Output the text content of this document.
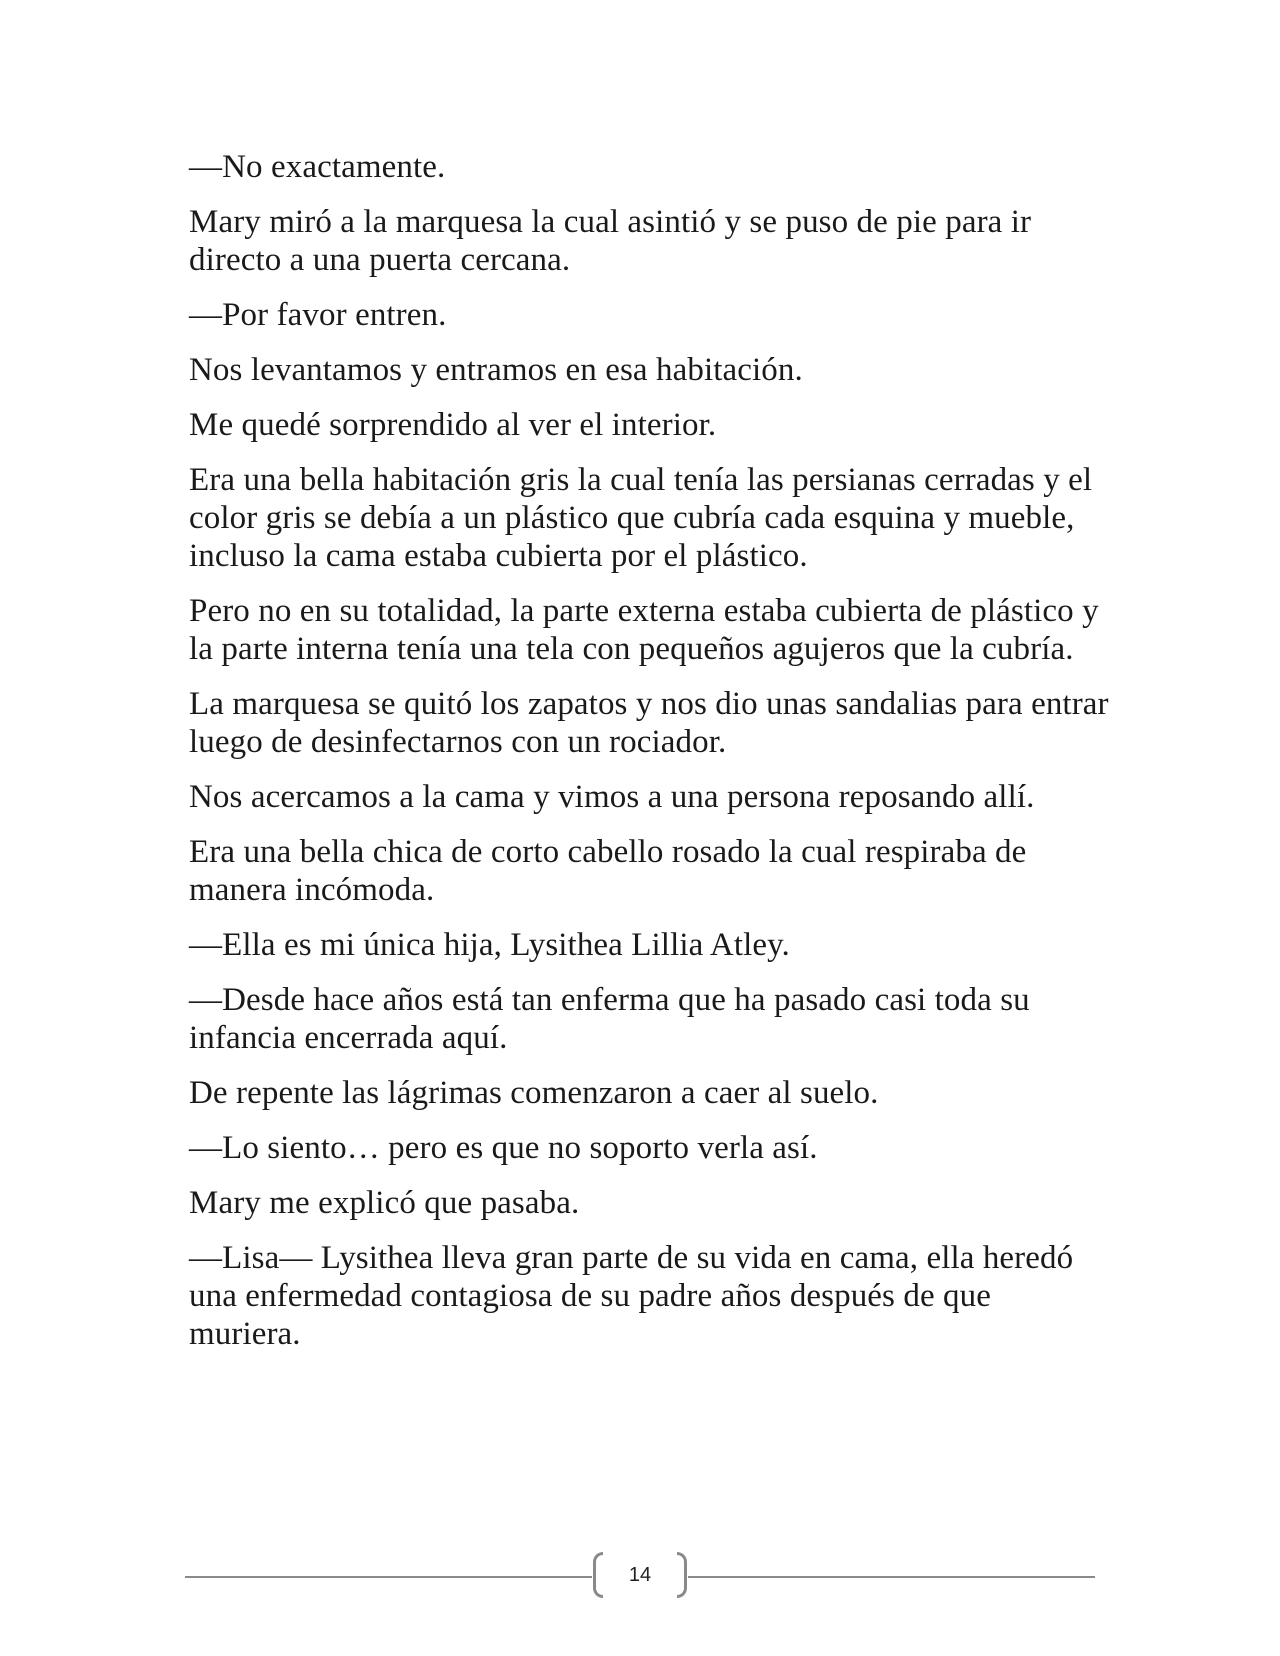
—No exactamente.

Mary miró a la marquesa la cual asintió y se puso de pie para ir directo a una puerta cercana.

—Por favor entren.

Nos levantamos y entramos en esa habitación.

Me quedé sorprendido al ver el interior.

Era una bella habitación gris la cual tenía las persianas cerradas y el color gris se debía a un plástico que cubría cada esquina y mueble, incluso la cama estaba cubierta por el plástico.

Pero no en su totalidad, la parte externa estaba cubierta de plástico y la parte interna tenía una tela con pequeños agujeros que la cubría.

La marquesa se quitó los zapatos y nos dio unas sandalias para entrar luego de desinfectarnos con un rociador.

Nos acercamos a la cama y vimos a una persona reposando allí.

Era una bella chica de corto cabello rosado la cual respiraba de manera incómoda.

—Ella es mi única hija, Lysithea Lillia Atley.

—Desde hace años está tan enferma que ha pasado casi toda su infancia encerrada aquí.

De repente las lágrimas comenzaron a caer al suelo.

—Lo siento… pero es que no soporto verla así.

Mary me explicó que pasaba.

—Lisa— Lysithea lleva gran parte de su vida en cama, ella heredó una enfermedad contagiosa de su padre años después de que muriera.

14
